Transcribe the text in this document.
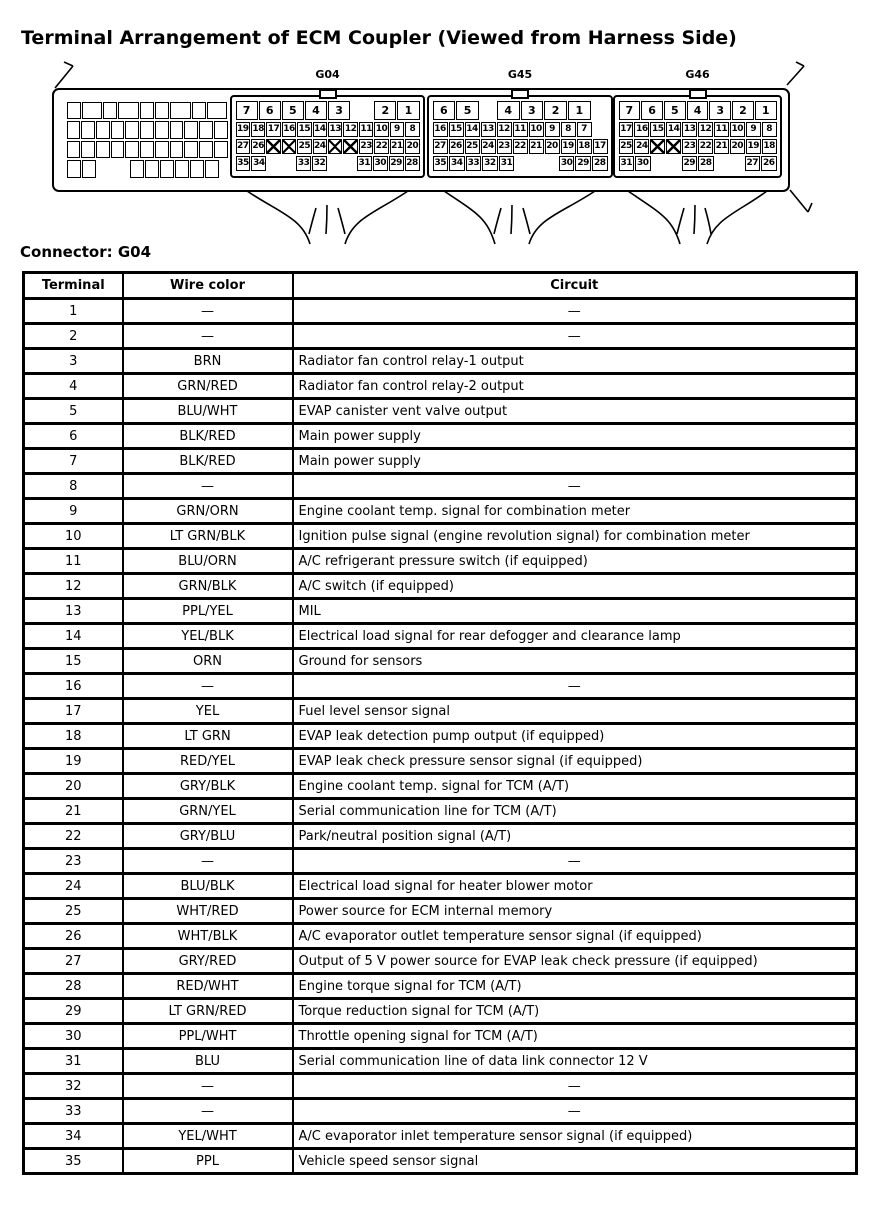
Terminal Arrangement of ECM Coupler (Viewed from Harness Side)
G04
7	6	5	4	3	2	1
19 18 17 16 15 14 13 12 11 10 9	8
27 26	25 24	23 22 21 20
35 34	33 32	31 30 29 28
G45
6	5	4	3	2	1
16 15 14 13 12 11 10 9	8	7
27 26 25 24 23 22 21 20 19 18 17
35 34 33 32 31	30 29 28
G46
7	6	5	4	3	2	1
17 16 15 14 13 12 11 10 9	8
25 24	23 22 21 20 19 18
31 30	29 28	27 26
Connector: G04
Terminal	Wire color	Circuit
1	—	—
2	—	—
3	BRN	Radiator fan control relay-1 output
4	GRN/RED	Radiator fan control relay-2 output
5	BLU/WHT	EVAP canister vent valve output
6	BLK/RED	Main power supply
7	BLK/RED	Main power supply
8	—	—
9	GRN/ORN	Engine coolant temp. signal for combination meter
10	LT GRN/BLK	Ignition pulse signal (engine revolution signal) for combination meter
11	BLU/ORN	A/C refrigerant pressure switch (if equipped)
12	GRN/BLK	A/C switch (if equipped)
13	PPL/YEL	MIL
14	YEL/BLK	Electrical load signal for rear defogger and clearance lamp
15	ORN	Ground for sensors
16	—	—
17	YEL	Fuel level sensor signal
18	LT GRN	EVAP leak detection pump output (if equipped)
19	RED/YEL	EVAP leak check pressure sensor signal (if equipped)
20	GRY/BLK	Engine coolant temp. signal for TCM (A/T)
21	GRN/YEL	Serial communication line for TCM (A/T)
22	GRY/BLU	Park/neutral position signal (A/T)
23	—	—
24	BLU/BLK	Electrical load signal for heater blower motor
25	WHT/RED	Power source for ECM internal memory
26	WHT/BLK	A/C evaporator outlet temperature sensor signal (if equipped)
27	GRY/RED	Output of 5 V power source for EVAP leak check pressure (if equipped)
28	RED/WHT	Engine torque signal for TCM (A/T)
29	LT GRN/RED	Torque reduction signal for TCM (A/T)
30	PPL/WHT	Throttle opening signal for TCM (A/T)
31	BLU	Serial communication line of data link connector 12 V
32	—	—
33	—	—
34	YEL/WHT	A/C evaporator inlet temperature sensor signal (if equipped)
35	PPL	Vehicle speed sensor signal
